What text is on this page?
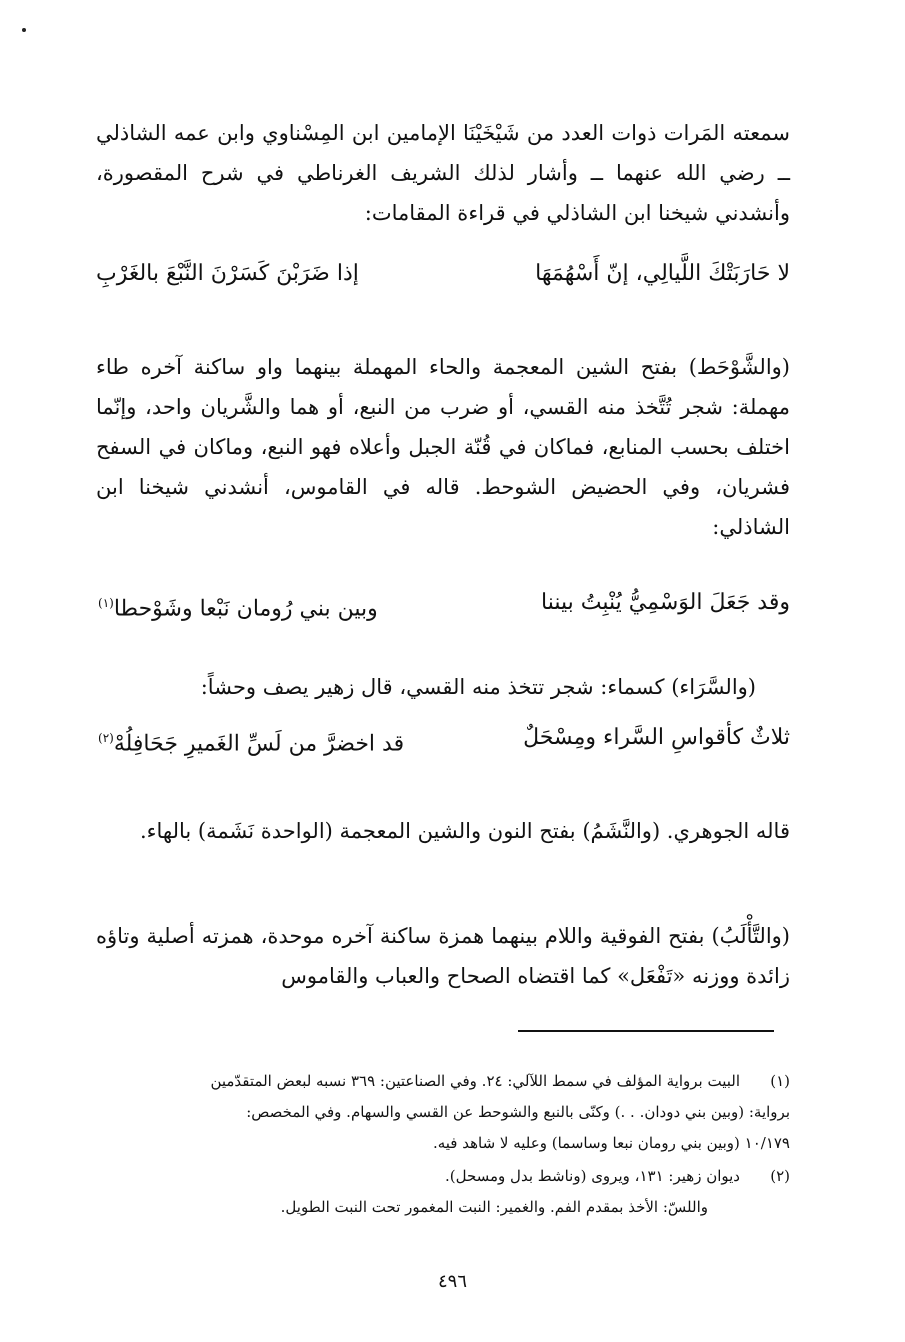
سمعته المَرات ذوات العدد من شَيْخَيْنَا الإمامين ابن المِسْناوي وابن عمه الشاذلي ــ رضي الله عنهما ــ وأشار لذلك الشريف الغرناطي في شرح المقصورة، وأنشدني شيخنا ابن الشاذلي في قراءة المقامات:

لا حَارَبَتْكَ اللَّيالِي، إنّ أَسْهُمَهَا
إذا ضَرَبْنَ كَسَرْنَ النَّبْعَ بالغَرْبِ

(والشَّوْحَط) بفتح الشين المعجمة والحاء المهملة بينهما واو ساكنة آخره طاء مهملة: شجر تُتَّخذ منه القسي، أو ضرب من النبع، أو هما والشَّريان واحد، وإنّما اختلف بحسب المنابع، فماكان في قُنّة الجبل وأعلاه فهو النبع، وماكان في السفح فشريان، وفي الحضيض الشوحط. قاله في القاموس، أنشدني شيخنا ابن الشاذلي:

وقد جَعَلَ الوَسْمِيُّ يُنْبِتُ بيننا
وبين بني رُومان نَبْعا وشَوْحطا$^{(١)}$

(والسَّرَاء) كسماء: شجر تتخذ منه القسي، قال زهير يصف وحشاً:

ثلاثٌ كأقواسِ السَّراء ومِسْحَلٌ
قد اخضرَّ من لَسِّ الغَميرِ جَحَافِلُهْ$^{(٢)}$

قاله الجوهري. (والنَّشَمُ) بفتح النون والشين المعجمة (الواحدة نَشَمة) بالهاء.

(والتَّأْلَبُ) بفتح الفوقية واللام بينهما همزة ساكنة آخره موحدة، همزته أصلية وتاؤه زائدة ووزنه «تَفْعَل» كما اقتضاه الصحاح والعباب والقاموس

(١)
البيت برواية المؤلف في سمط اللآلي: ٢٤. وفي الصناعتين: ٣٦٩ نسبه لبعض المتقدّمين
برواية: (وبين بني دودان. . .) وكنّى بالنبع والشوحط عن القسي والسهام. وفي المخصص:
١٠/١٧٩ (وبين بني رومان نبعا وساسما) وعليه لا شاهد فيه.
(٢)
ديوان زهير: ١٣١، ويروى (وناشط بدل ومسحل).
واللسّ: الأخذ بمقدم الفم. والغمير: النبت المغمور تحت النبت الطويل.
٤٩٦
